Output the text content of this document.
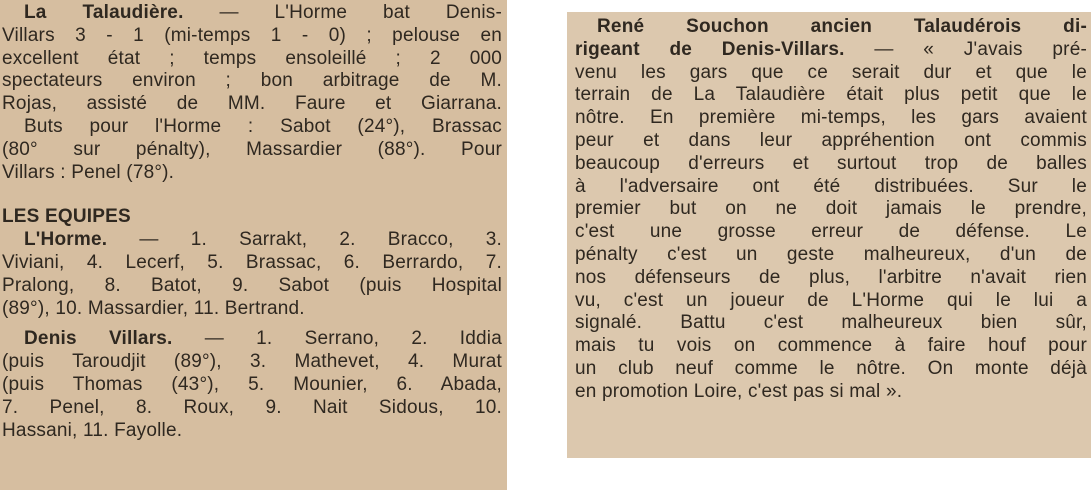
La Talaudière. — L'Horme bat Denis-
Villars 3 - 1 (mi-temps 1 - 0) ; pelouse en
excellent état ; temps ensoleillé ; 2 000
spectateurs environ ; bon arbitrage de M.
Rojas, assisté de MM. Faure et Giarrana.
Buts pour l'Horme : Sabot (24°), Brassac
(80° sur pénalty), Massardier (88°). Pour
Villars : Penel (78°).
LES EQUIPES
L'Horme. — 1. Sarrakt, 2. Bracco, 3.
Viviani, 4. Lecerf, 5. Brassac, 6. Berrardo, 7.
Pralong, 8. Batot, 9. Sabot (puis Hospital
(89°), 10. Massardier, 11. Bertrand.
Denis Villars. — 1. Serrano, 2. Iddia
(puis Taroudjit (89°), 3. Mathevet, 4. Murat
(puis Thomas (43°), 5. Mounier, 6. Abada,
7. Penel, 8. Roux, 9. Nait Sidous, 10.
Hassani, 11. Fayolle.
René Souchon ancien Talaudérois di-
rigeant de Denis-Villars. — « J'avais pré-
venu les gars que ce serait dur et que le
terrain de La Talaudière était plus petit que le
nôtre. En première mi-temps, les gars avaient
peur et dans leur appréhention ont commis
beaucoup d'erreurs et surtout trop de balles
à l'adversaire ont été distribuées. Sur le
premier but on ne doit jamais le prendre,
c'est une grosse erreur de défense. Le
pénalty c'est un geste malheureux, d'un de
nos défenseurs de plus, l'arbitre n'avait rien
vu, c'est un joueur de L'Horme qui le lui a
signalé. Battu c'est malheureux bien sûr,
mais tu vois on commence à faire houf pour
un club neuf comme le nôtre. On monte déjà
en promotion Loire, c'est pas si mal ».
